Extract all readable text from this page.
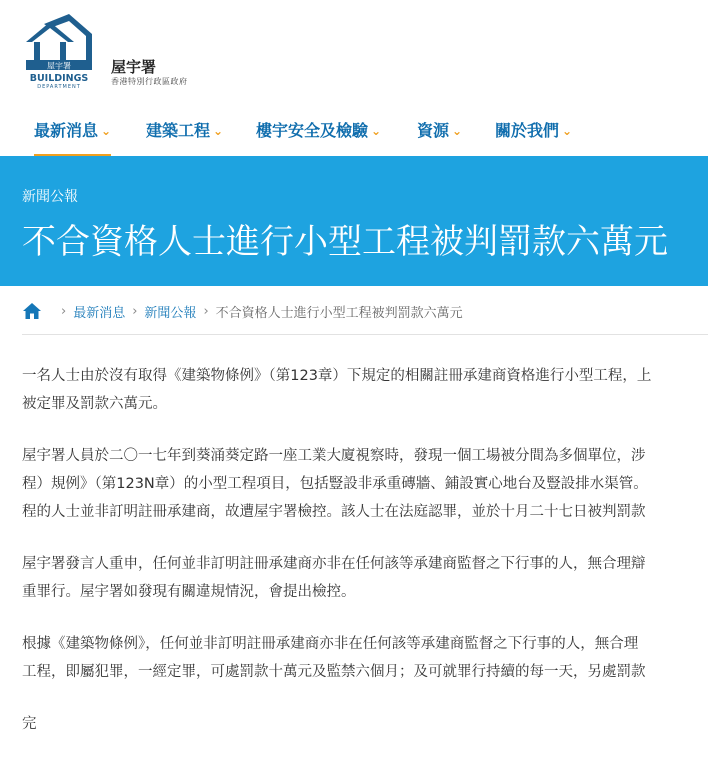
屋宇署
BUILDINGS
DEPARTMENT
屋宇署
香港特別行政區政府
最新消息 ⌄ 建築工程 ⌄ 樓宇安全及檢驗 ⌄ 資源 ⌄ 關於我們 ⌄
新聞公報
不合資格人士進行小型工程被判罰款六萬元
› 最新消息 › 新聞公報 › 不合資格人士進行小型工程被判罰款六萬元

一名人士由於沒有取得《建築物條例》（第123章）下規定的相關註冊承建商資格進行小型工程，上
被定罪及罰款六萬元。

屋宇署人員於二〇一七年到葵涌葵定路一座工業大廈視察時，發現一個工場被分間為多個單位，涉
程）規例》（第123N章）的小型工程項目，包括豎設非承重磚牆、鋪設實心地台及豎設排水渠管。
程的人士並非訂明註冊承建商，故遭屋宇署檢控。該人士在法庭認罪，並於十月二十七日被判罰款

屋宇署發言人重申，任何並非訂明註冊承建商亦非在任何該等承建商監督之下行事的人，無合理辯
重罪行。屋宇署如發現有關違規情況，會提出檢控。

根據《建築物條例》，任何並非訂明註冊承建商亦非在任何該等承建商監督之下行事的人，無合理
工程，即屬犯罪，一經定罪，可處罰款十萬元及監禁六個月；及可就罪行持續的每一天，另處罰款

完
